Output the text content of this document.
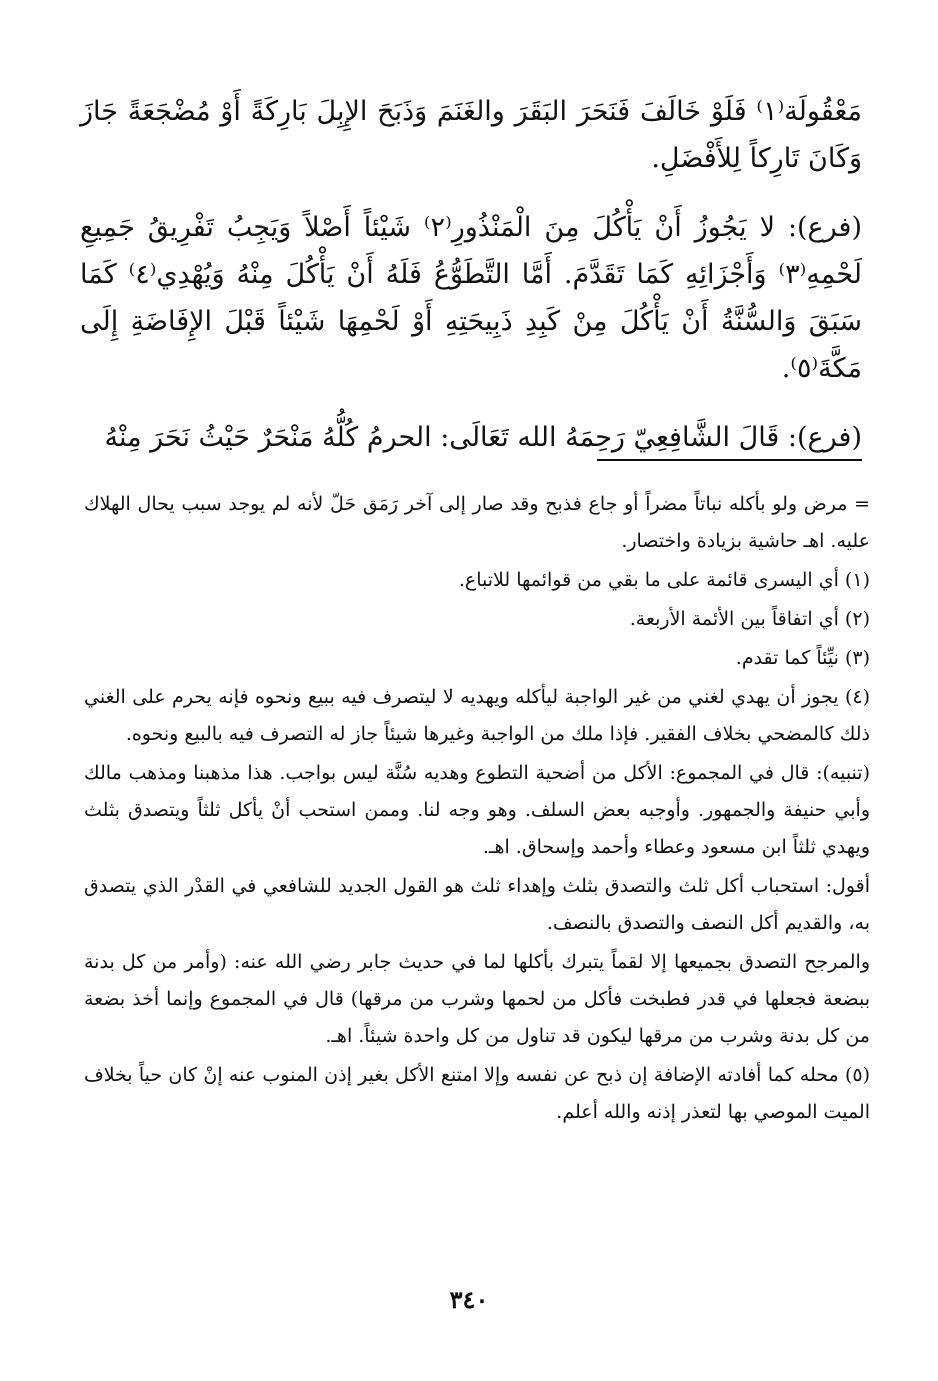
مَعْقُولَة⁽١⁾ فَلَوْ خَالَفَ فَنَحَرَ البَقَرَ والغَنَمَ وَذَبَحَ الإِبِلَ بَارِكَةً أَوْ مُضْجَعَةً جَازَ وَكَانَ تَارِكاً لِلأَفْضَلِ.

(فرع): لا يَجُوزُ أَنْ يَأْكُلَ مِنَ الْمَنْذُورِ⁽٢⁾ شَيْئاً أَصْلاً وَيَجِبُ تَفْرِيقُ جَمِيعِ لَحْمِهِ⁽٣⁾ وَأَجْزَائِهِ كَمَا تَقَدَّمَ. أَمَّا التَّطَوُّعُ فَلَهُ أَنْ يَأْكُلَ مِنْهُ وَيُهْدِي⁽٤⁾ كَمَا سَبَقَ وَالسُّنَّةُ أَنْ يَأْكُلَ مِنْ كَبِدِ ذَبِيحَتِهِ أَوْ لَحْمِهَا شَيْئاً قَبْلَ الإِفَاضَةِ إِلَى مَكَّةَ⁽٥⁾.

(فرع): قَالَ الشَّافِعِيّ رَحِمَهُ الله تَعَالَى: الحرمُ كُلُّهُ مَنْحَرٌ حَيْثُ نَحَرَ مِنْهُ

= مرض ولو بأكله نباتاً مضراً أو جاع فذبح وقد صار إلى آخر رَمَق حَلّ لأنه لم يوجد سبب يحال الهلاك عليه. اهـ حاشية بزيادة واختصار.

(١) أي اليسرى قائمة على ما بقي من قوائمها للاتباع.

(٢) أي اتفاقاً بين الأئمة الأربعة.

(٣) نيِّئاً كما تقدم.

(٤) يجوز أن يهدي لغني من غير الواجبة ليأكله ويهديه لا ليتصرف فيه ببيع ونحوه فإنه يحرم على الغني ذلك كالمضحي بخلاف الفقير. فإذا ملك من الواجبة وغيرها شيئاً جاز له التصرف فيه بالبيع ونحوه.

(تنبيه): قال في المجموع: الأكل من أضحية التطوع وهديه سُنَّة ليس بواجب. هذا مذهبنا ومذهب مالك وأبي حنيفة والجمهور. وأوجبه بعض السلف. وهو وجه لنا. وممن استحب أنْ يأكل ثلثاً ويتصدق بثلث ويهدي ثلثاً ابن مسعود وعطاء وأحمد وإسحاق. اهـ.

أقول: استحباب أكل ثلث والتصدق بثلث وإهداء ثلث هو القول الجديد للشافعي في القدْر الذي يتصدق به، والقديم أكل النصف والتصدق بالنصف.

والمرجح التصدق بجميعها إلا لقماً يتبرك بأكلها لما في حديث جابر رضي الله عنه: (وأمر من كل بدنة ببضعة فجعلها في قدر فطبخت فأكل من لحمها وشرب من مرقها) قال في المجموع وإنما أخذ بضعة من كل بدنة وشرب من مرقها ليكون قد تناول من كل واحدة شيئاً. اهـ.

(٥) محله كما أفادته الإضافة إن ذبح عن نفسه وإلا امتنع الأكل بغير إذن المنوب عنه إنْ كان حياً بخلاف الميت الموصي بها لتعذر إذنه والله أعلم.

٣٤٠
